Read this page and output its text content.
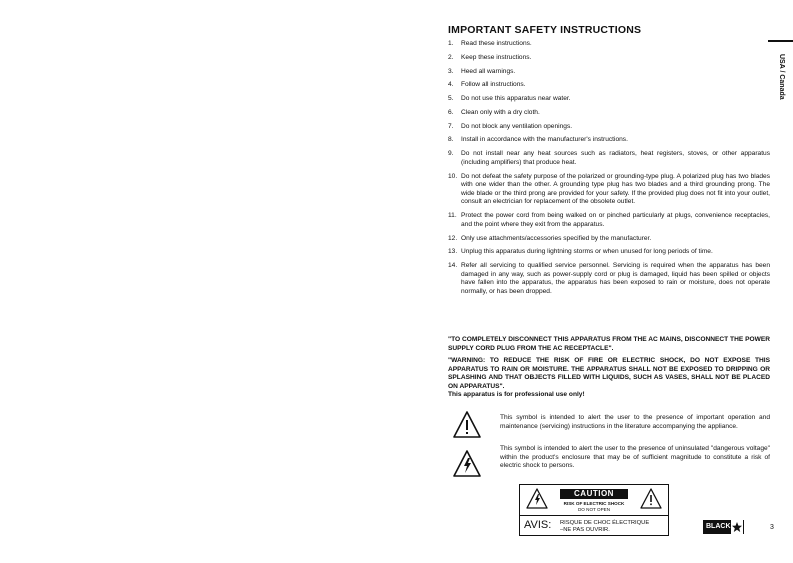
IMPORTANT SAFETY INSTRUCTIONS
1.	Read these instructions.
2.	Keep these instructions.
3.	Heed all warnings.
4.	Follow all instructions.
5.	Do not use this apparatus near water.
6.	Clean only with a dry cloth.
7.	Do not block any ventilation openings.
8.	Install in accordance with the manufacturer's instructions.
9.	Do not install near any heat sources such as radiators, heat registers, stoves, or other apparatus (including amplifiers) that produce heat.
10. Do not defeat the safety purpose of the polarized or grounding-type plug. A polarized plug has two blades with one wider than the other. A grounding type plug has two blades and a third grounding prong. The wide blade or the third prong are provided for your safety. If the provided plug does not fit into your outlet, consult an electrician for replacement of the obsolete outlet.
11. Protect the power cord from being walked on or pinched particularly at plugs, convenience receptacles, and the point where they exit from the apparatus.
12. Only use attachments/accessories specified by the manufacturer.
13. Unplug this apparatus during lightning storms or when unused for long periods of time.
14. Refer all servicing to qualified service personnel. Servicing is required when the apparatus has been damaged in any way, such as power-supply cord or plug is damaged, liquid has been spilled or objects have fallen into the apparatus, the apparatus has been exposed to rain or moisture, does not operate normally, or has been dropped.
"TO COMPLETELY DISCONNECT THIS APPARATUS FROM THE AC MAINS, DISCONNECT THE POWER SUPPLY CORD PLUG FROM THE AC RECEPTACLE".
"WARNING: TO REDUCE THE RISK OF FIRE OR ELECTRIC SHOCK, DO NOT EXPOSE THIS APPARATUS TO RAIN OR MOISTURE. THE APPARATUS SHALL NOT BE EXPOSED TO DRIPPING OR SPLASHING AND THAT OBJECTS FILLED WITH LIQUIDS, SUCH AS VASES, SHALL NOT BE PLACED ON APPARATUS".
This apparatus is for professional use only!
This symbol is intended to alert the user to the presence of important operation and maintenance (servicing) instructions in the literature accompanying the appliance.
This symbol is intended to alert the user to the presence of uninsulated "dangerous voltage" within the product's enclosure that may be of sufficient magnitude to constitute a risk of electric shock to persons.
CAUTION
RISK OF ELECTRIC SHOCK
DO NOT OPEN
AVIS: RISQUE DE CHOC ÉLECTRIQUE
–NE PAS OUVRIR.
USA / Canada
BLACK	3
